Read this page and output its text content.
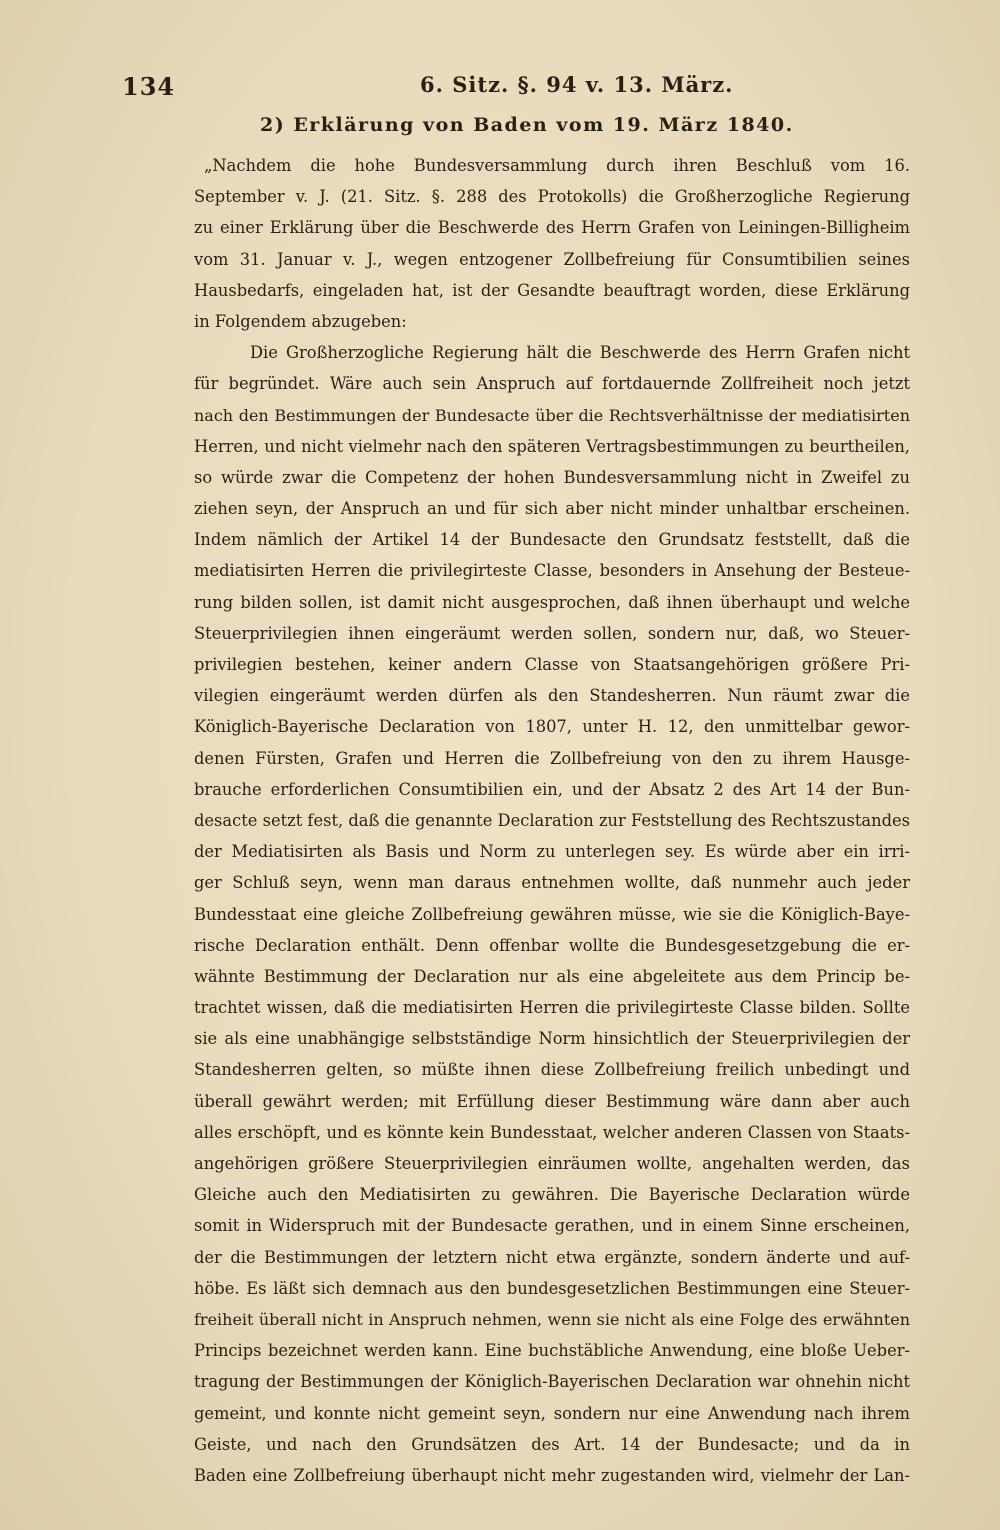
134	6. Sitz. §. 94 v. 13. März.
2) Erklärung von Baden vom 19. März 1840.
„Nachdem die hohe Bundesversammlung durch ihren Beschluß vom 16.
September v. J. (21. Sitz. §. 288 des Protokolls) die Großherzogliche Regierung
zu einer Erklärung über die Beschwerde des Herrn Grafen von Leiningen-Billigheim
vom 31. Januar v. J., wegen entzogener Zollbefreiung für Consumtibilien seines
Hausbedarfs, eingeladen hat, ist der Gesandte beauftragt worden, diese Erklärung
in Folgendem abzugeben:
Die Großherzogliche Regierung hält die Beschwerde des Herrn Grafen nicht
für begründet. Wäre auch sein Anspruch auf fortdauernde Zollfreiheit noch jetzt
nach den Bestimmungen der Bundesacte über die Rechtsverhältnisse der mediatisirten
Herren, und nicht vielmehr nach den späteren Vertragsbestimmungen zu beurtheilen,
so würde zwar die Competenz der hohen Bundesversammlung nicht in Zweifel zu
ziehen seyn, der Anspruch an und für sich aber nicht minder unhaltbar erscheinen.
Indem nämlich der Artikel 14 der Bundesacte den Grundsatz feststellt, daß die
mediatisirten Herren die privilegirteste Classe, besonders in Ansehung der Besteue-
rung bilden sollen, ist damit nicht ausgesprochen, daß ihnen überhaupt und welche
Steuerprivilegien ihnen eingeräumt werden sollen, sondern nur, daß, wo Steuer-
privilegien bestehen, keiner andern Classe von Staatsangehörigen größere Pri-
vilegien eingeräumt werden dürfen als den Standesherren. Nun räumt zwar die
Königlich-Bayerische Declaration von 1807, unter H. 12, den unmittelbar gewor-
denen Fürsten, Grafen und Herren die Zollbefreiung von den zu ihrem Hausge-
brauche erforderlichen Consumtibilien ein, und der Absatz 2 des Art 14 der Bun-
desacte setzt fest, daß die genannte Declaration zur Feststellung des Rechtszustandes
der Mediatisirten als Basis und Norm zu unterlegen sey. Es würde aber ein irri-
ger Schluß seyn, wenn man daraus entnehmen wollte, daß nunmehr auch jeder
Bundesstaat eine gleiche Zollbefreiung gewähren müsse, wie sie die Königlich-Baye-
rische Declaration enthält. Denn offenbar wollte die Bundesgesetzgebung die er-
wähnte Bestimmung der Declaration nur als eine abgeleitete aus dem Princip be-
trachtet wissen, daß die mediatisirten Herren die privilegirteste Classe bilden. Sollte
sie als eine unabhängige selbstständige Norm hinsichtlich der Steuerprivilegien der
Standesherren gelten, so müßte ihnen diese Zollbefreiung freilich unbedingt und
überall gewährt werden; mit Erfüllung dieser Bestimmung wäre dann aber auch
alles erschöpft, und es könnte kein Bundesstaat, welcher anderen Classen von Staats-
angehörigen größere Steuerprivilegien einräumen wollte, angehalten werden, das
Gleiche auch den Mediatisirten zu gewähren. Die Bayerische Declaration würde
somit in Widerspruch mit der Bundesacte gerathen, und in einem Sinne erscheinen,
der die Bestimmungen der letztern nicht etwa ergänzte, sondern änderte und auf-
höbe. Es läßt sich demnach aus den bundesgesetzlichen Bestimmungen eine Steuer-
freiheit überall nicht in Anspruch nehmen, wenn sie nicht als eine Folge des erwähnten
Princips bezeichnet werden kann. Eine buchstäbliche Anwendung, eine bloße Ueber-
tragung der Bestimmungen der Königlich-Bayerischen Declaration war ohnehin nicht
gemeint, und konnte nicht gemeint seyn, sondern nur eine Anwendung nach ihrem
Geiste, und nach den Grundsätzen des Art. 14 der Bundesacte; und da in
Baden eine Zollbefreiung überhaupt nicht mehr zugestanden wird, vielmehr der Lan-
